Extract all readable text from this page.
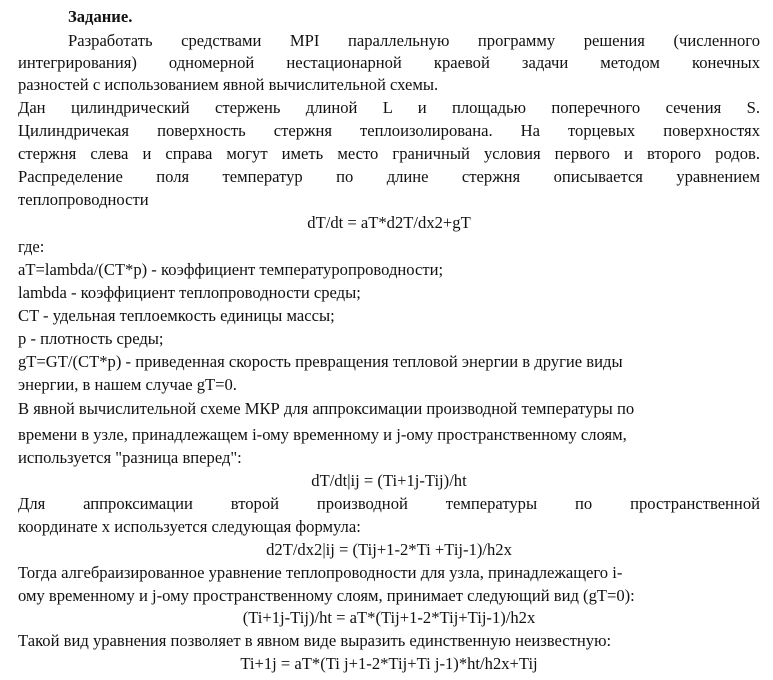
Задание.
Разработать средствами MPI параллельную программу решения (численного
интегрирования) одномерной нестационарной краевой задачи методом конечных
разностей с использованием явной вычислительной схемы.
Дан цилиндрический стержень длиной L и площадью поперечного сечения S.
Цилиндричекая поверхность стержня теплоизолирована. На торцевых поверхностях
стержня слева и справа могут иметь место граничный условия первого и второго родов.
Распределение поля температур по длине стержня описывается уравнением
теплопроводности
dT/dt = aT*d2T/dx2+gT
где:
aT=lambda/(CT*p) - коэффициент температуропроводности;
lambda - коэффициент теплопроводности среды;
CT - удельная теплоемкость единицы массы;
p - плотность среды;
gT=GT/(CT*p) - приведенная скорость превращения тепловой энергии в другие виды
энергии, в нашем случае gT=0.
В явной вычислительной схеме МКР для аппроксимации производной температуры по
времени в узле, принадлежащем i-ому временному и j-ому пространственному слоям,
используется "разница вперед":
dT/dt|ij = (Ti+1j-Tij)/ht
Для аппроксимации второй производной температуры по пространственной
координате x используется следующая формула:
d2T/dx2|ij = (Tij+1-2*Ti +Tij-1)/h2x
Тогда алгебраизированное уравнение теплопроводности для узла, принадлежащего i-
ому временному и j-ому пространственному слоям, принимает следующий вид (gT=0):
(Ti+1j-Tij)/ht = aT*(Tij+1-2*Tij+Tij-1)/h2x
Такой вид уравнения позволяет в явном виде выразить единственную неизвестную:
Ti+1j = aT*(Ti j+1-2*Tij+Ti j-1)*ht/h2x+Tij
